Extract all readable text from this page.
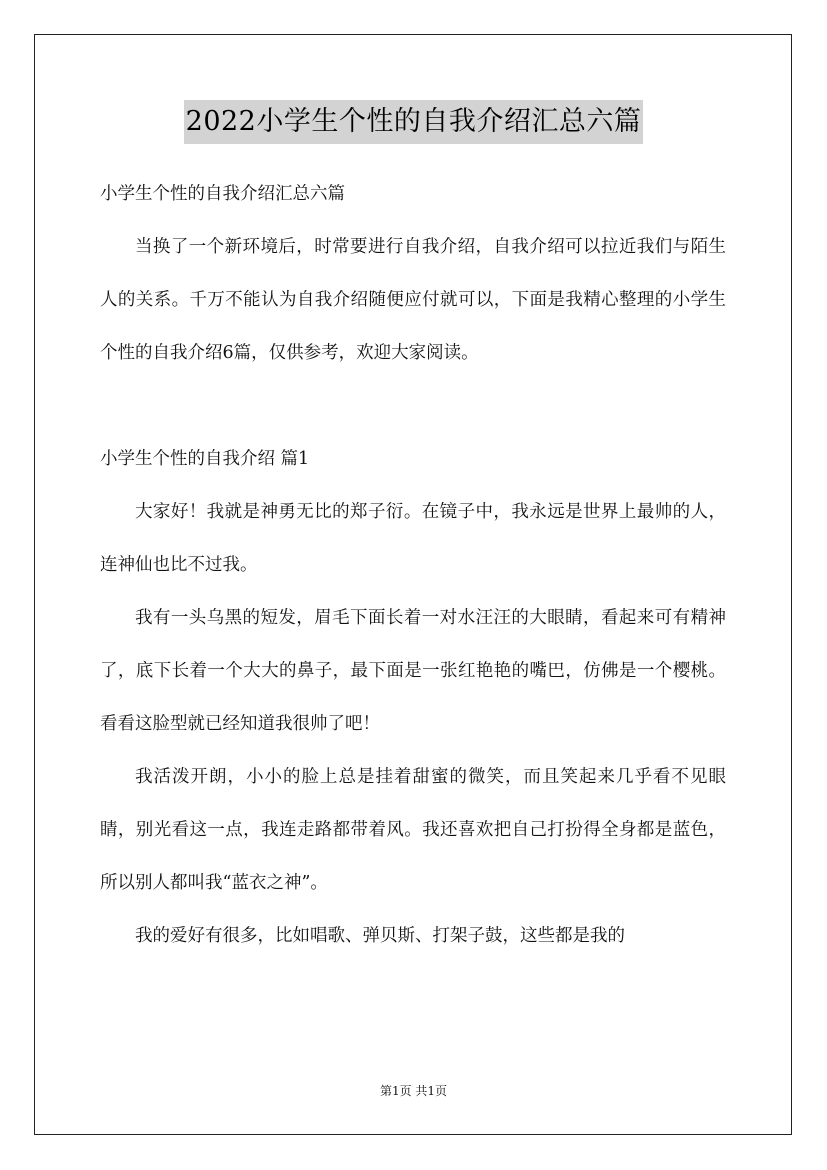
2022小学生个性的自我介绍汇总六篇

小学生个性的自我介绍汇总六篇

当换了一个新环境后，时常要进行自我介绍，自我介绍可以拉近我们与陌生人的关系。千万不能认为自我介绍随便应付就可以，下面是我精心整理的小学生个性的自我介绍6篇，仅供参考，欢迎大家阅读。

小学生个性的自我介绍 篇1

大家好！我就是神勇无比的郑子衍。在镜子中，我永远是世界上最帅的人，连神仙也比不过我。

我有一头乌黑的短发，眉毛下面长着一对水汪汪的大眼睛，看起来可有精神了，底下长着一个大大的鼻子，最下面是一张红艳艳的嘴巴，仿佛是一个樱桃。看看这脸型就已经知道我很帅了吧！

我活泼开朗，小小的脸上总是挂着甜蜜的微笑，而且笑起来几乎看不见眼睛，别光看这一点，我连走路都带着风。我还喜欢把自己打扮得全身都是蓝色，所以别人都叫我“蓝衣之神”。

我的爱好有很多，比如唱歌、弹贝斯、打架子鼓，这些都是我的

第1页 共1页
